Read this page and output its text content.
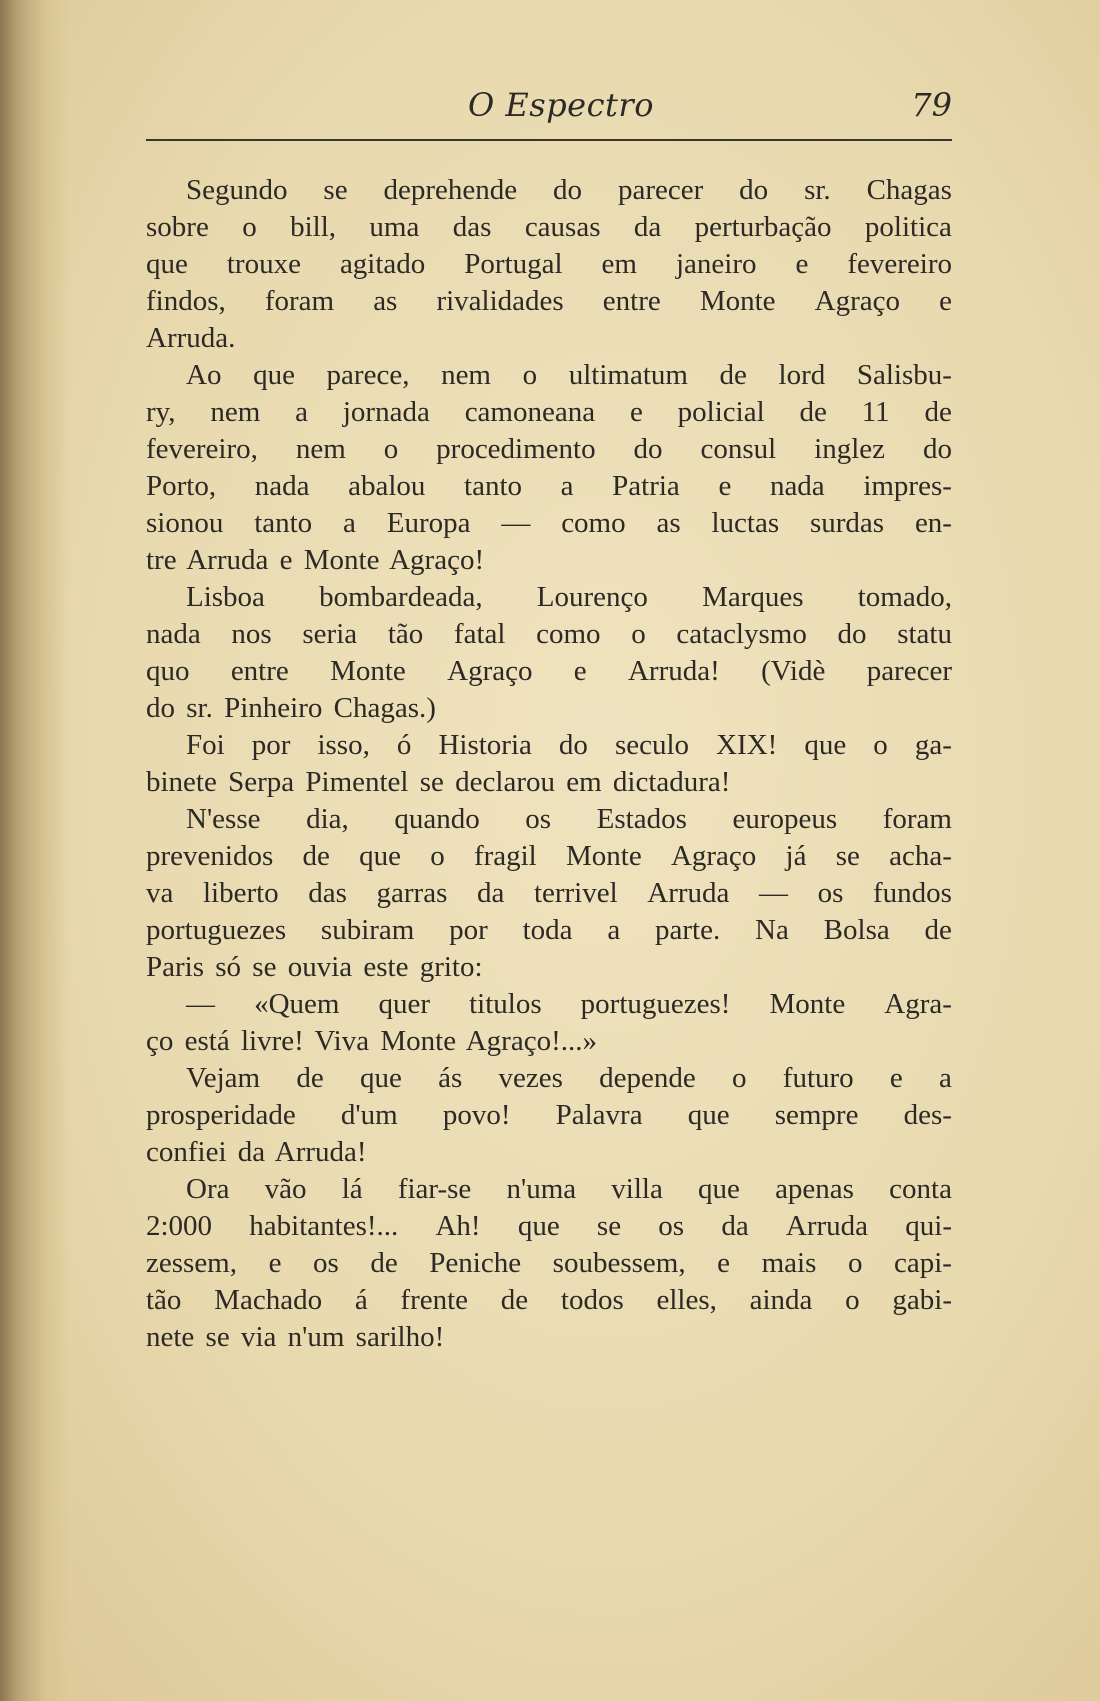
O Espectro	79
Segundo se deprehende do parecer do sr. Chagas
sobre o bill, uma das causas da perturbação politica
que trouxe agitado Portugal em janeiro e fevereiro
findos, foram as rivalidades entre Monte Agraço e
Arruda.
Ao que parece, nem o ultimatum de lord Salisbu-
ry, nem a jornada camoneana e policial de 11 de
fevereiro, nem o procedimento do consul inglez do
Porto, nada abalou tanto a Patria e nada impres-
sionou tanto a Europa — como as luctas surdas en-
tre Arruda e Monte Agraço!
Lisboa bombardeada, Lourenço Marques tomado,
nada nos seria tão fatal como o cataclysmo do statu
quo entre Monte Agraço e Arruda! (Vidè parecer
do sr. Pinheiro Chagas.)
Foi por isso, ó Historia do seculo XIX! que o ga-
binete Serpa Pimentel se declarou em dictadura!
N'esse dia, quando os Estados europeus foram
prevenidos de que o fragil Monte Agraço já se acha-
va liberto das garras da terrivel Arruda — os fundos
portuguezes subiram por toda a parte. Na Bolsa de
Paris só se ouvia este grito:
— «Quem quer titulos portuguezes! Monte Agra-
ço está livre! Viva Monte Agraço!...»
Vejam de que ás vezes depende o futuro e a
prosperidade d'um povo! Palavra que sempre des-
confiei da Arruda!
Ora vão lá fiar-se n'uma villa que apenas conta
2:000 habitantes!... Ah! que se os da Arruda qui-
zessem, e os de Peniche soubessem, e mais o capi-
tão Machado á frente de todos elles, ainda o gabi-
nete se via n'um sarilho!
